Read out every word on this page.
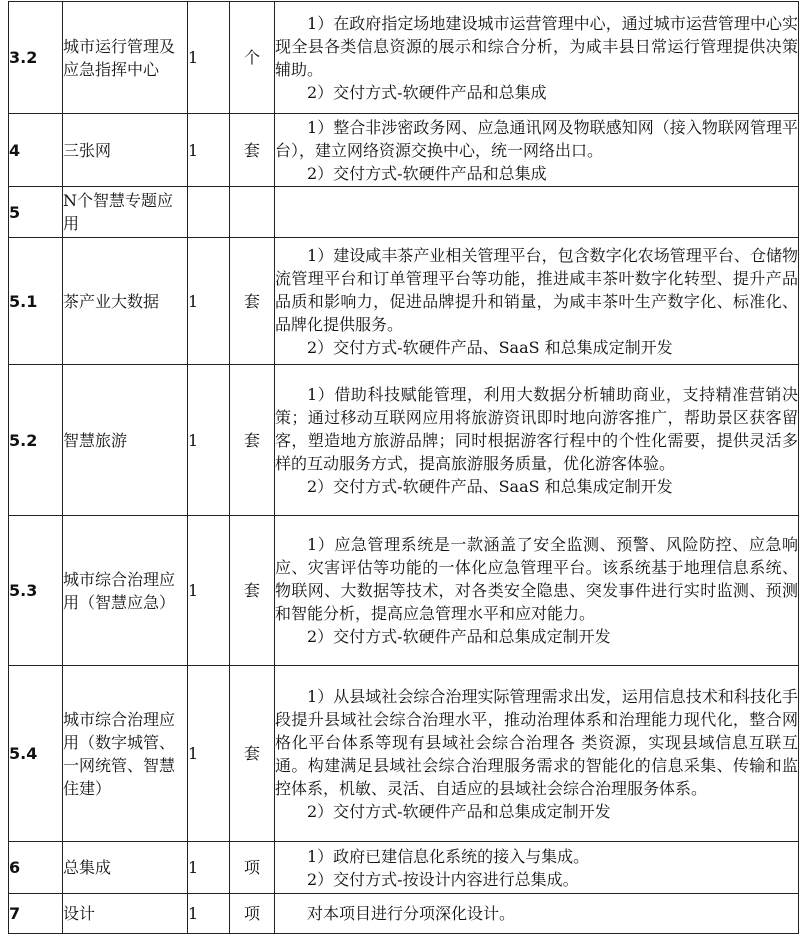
3.2	城市运行管理及应急指挥中心	1	个	1）在政府指定场地建设城市运营管理中心，通过城市运营管理中心实现全县各类信息资源的展示和综合分析，为咸丰县日常运行管理提供决策辅助。
2）交付方式-软硬件产品和总集成

4	三张网	1	套	1）整合非涉密政务网、应急通讯网及物联感知网（接入物联网管理平台），建立网络资源交换中心，统一网络出口。
2）交付方式-软硬件产品和总集成

5	N个智慧专题应用			

5.1	茶产业大数据	1	套	1）建设咸丰茶产业相关管理平台，包含数字化农场管理平台、仓储物流管理平台和订单管理平台等功能，推进咸丰茶叶数字化转型、提升产品品质和影响力，促进品牌提升和销量，为咸丰茶叶生产数字化、标准化、品牌化提供服务。
2）交付方式-软硬件产品、SaaS 和总集成定制开发

5.2	智慧旅游	1	套	1）借助科技赋能管理，利用大数据分析辅助商业，支持精准营销决策；通过移动互联网应用将旅游资讯即时地向游客推广，帮助景区获客留客，塑造地方旅游品牌；同时根据游客行程中的个性化需要，提供灵活多样的互动服务方式，提高旅游服务质量，优化游客体验。
2）交付方式-软硬件产品、SaaS 和总集成定制开发

5.3	城市综合治理应用（智慧应急）	1	套	1）应急管理系统是一款涵盖了安全监测、预警、风险防控、应急响应、灾害评估等功能的一体化应急管理平台。该系统基于地理信息系统、物联网、大数据等技术，对各类安全隐患、突发事件进行实时监测、预测和智能分析，提高应急管理水平和应对能力。
2）交付方式-软硬件产品和总集成定制开发

5.4	城市综合治理应用（数字城管、一网统管、智慧住建）	1	套	1）从县域社会综合治理实际管理需求出发，运用信息技术和科技化手段提升县域社会综合治理水平，推动治理体系和治理能力现代化，整合网格化平台体系等现有县域社会综合治理各 类资源，实现县域信息互联互通。构建满足县域社会综合治理服务需求的智能化的信息采集、传输和监控体系，机敏、灵活、自适应的县域社会综合治理服务体系。
2）交付方式-软硬件产品和总集成定制开发

6	总集成	1	项	1）政府已建信息化系统的接入与集成。
2）交付方式-按设计内容进行总集成。

7	设计	1	项	对本项目进行分项深化设计。
